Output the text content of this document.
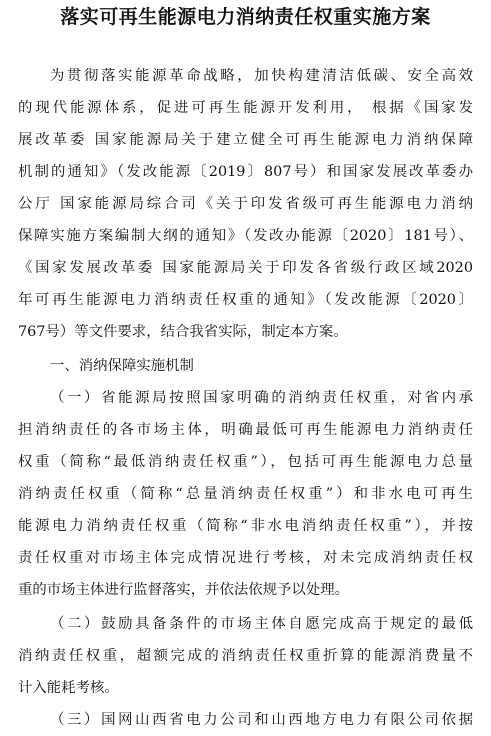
落实可再生能源电力消纳责任权重实施方案
为贯彻落实能源革命战略，加快构建清洁低碳、安全高效
的现代能源体系，促进可再生能源开发利用， 根据《国家发
展改革委 国家能源局关于建立健全可再生能源电力消纳保障
机制的通知》（发改能源〔2019〕807号）和国家发展改革委办
公厅 国家能源局综合司《关于印发省级可再生能源电力消纳
保障实施方案编制大纲的通知》（发改办能源〔2020〕181号）、
《国家发展改革委 国家能源局关于印发各省级行政区域2020
年可再生能源电力消纳责任权重的通知》（发改能源〔2020〕
767号）等文件要求，结合我省实际，制定本方案。
一、消纳保障实施机制
（一）省能源局按照国家明确的消纳责任权重，对省内承
担消纳责任的各市场主体，明确最低可再生能源电力消纳责任
权重（简称“最低消纳责任权重”），包括可再生能源电力总量
消纳责任权重（简称“总量消纳责任权重”）和非水电可再生
能源电力消纳责任权重（简称“非水电消纳责任权重”），并按
责任权重对市场主体完成情况进行考核，对未完成消纳责任权
重的市场主体进行监督落实，并依法依规予以处理。
（二）鼓励具备条件的市场主体自愿完成高于规定的最低
消纳责任权重，超额完成的消纳责任权重折算的能源消费量不
计入能耗考核。
（三）国网山西省电力公司和山西地方电力有限公司依据
